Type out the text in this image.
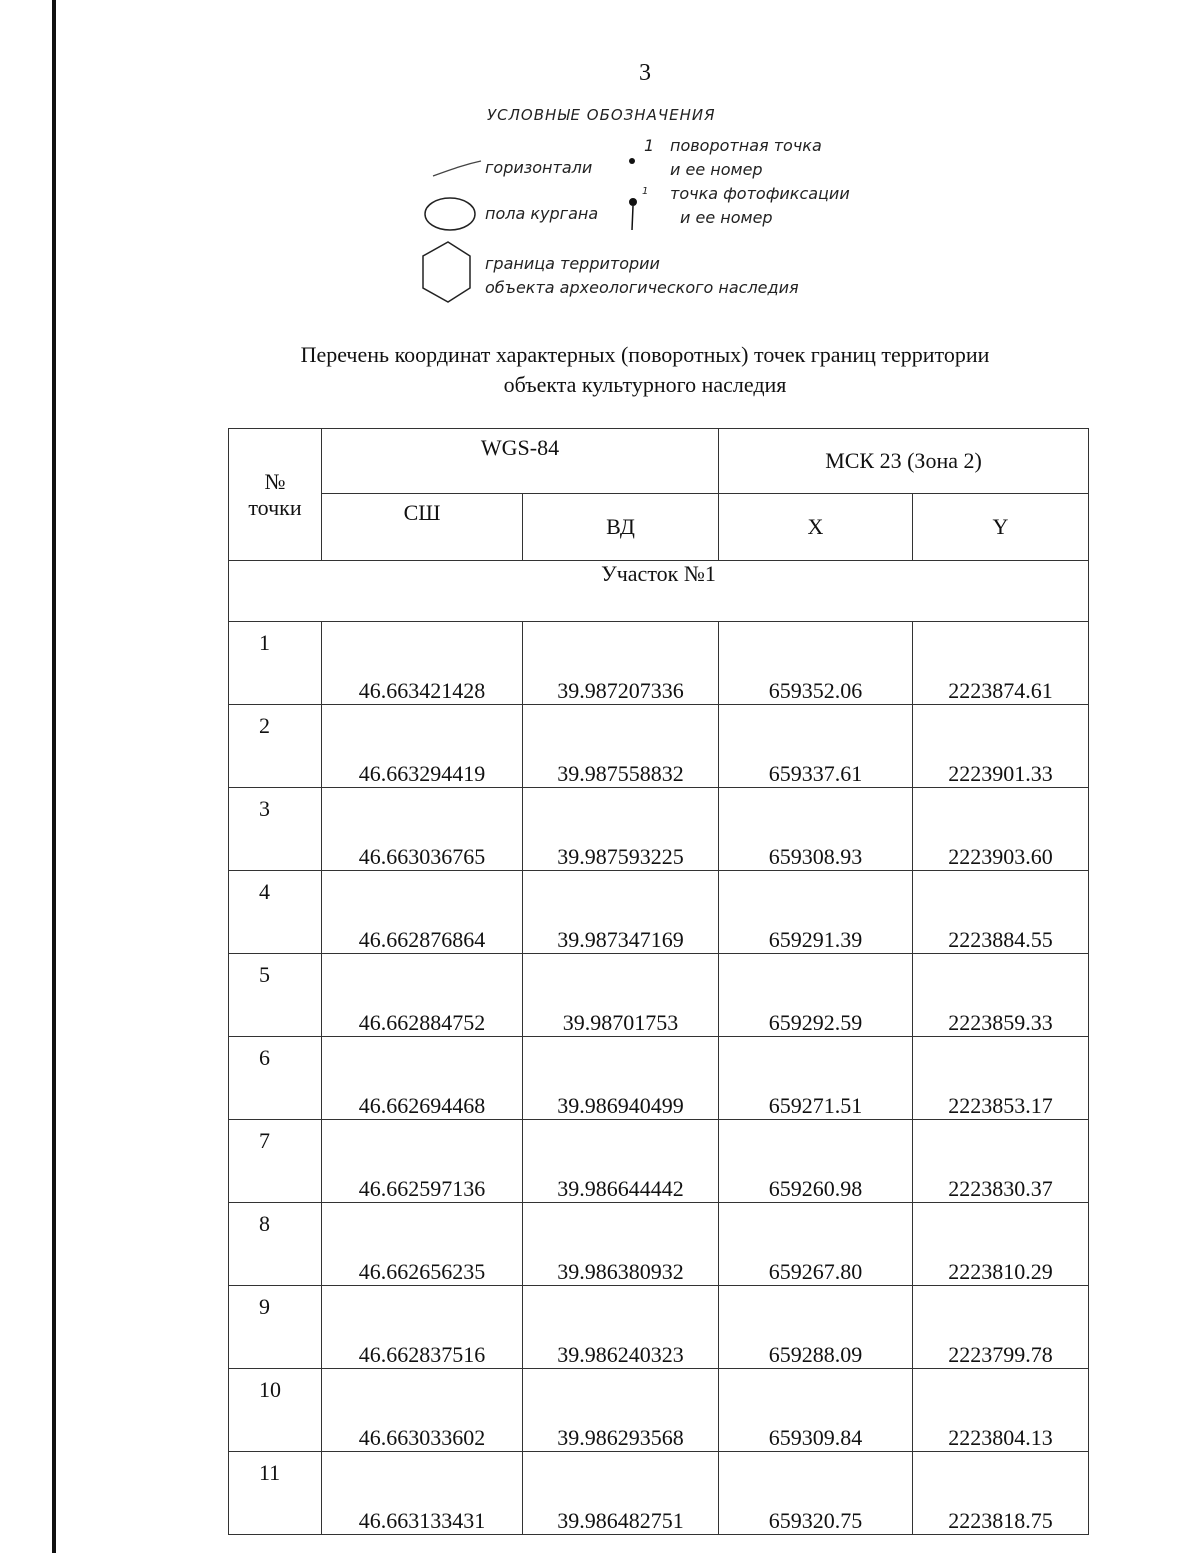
3
УСЛОВНЫЕ ОБОЗНАЧЕНИЯ
горизонтали
1 поворотная точка
и ее номер
1 точка фотофиксации
и ее номер
пола кургана
граница территории
объекта археологического наследия
Перечень координат характерных (поворотных) точек границ территории
объекта культурного наследия
№
точки	WGS-84		МСК 23 (Зона 2)	
	СШ	ВД	X	Y
Участок №1				
1	46.663421428	39.987207336	659352.06	2223874.61
2	46.663294419	39.987558832	659337.61	2223901.33
3	46.663036765	39.987593225	659308.93	2223903.60
4	46.662876864	39.987347169	659291.39	2223884.55
5	46.662884752	39.98701753	659292.59	2223859.33
6	46.662694468	39.986940499	659271.51	2223853.17
7	46.662597136	39.986644442	659260.98	2223830.37
8	46.662656235	39.986380932	659267.80	2223810.29
9	46.662837516	39.986240323	659288.09	2223799.78
10	46.663033602	39.986293568	659309.84	2223804.13
11	46.663133431	39.986482751	659320.75	2223818.75
